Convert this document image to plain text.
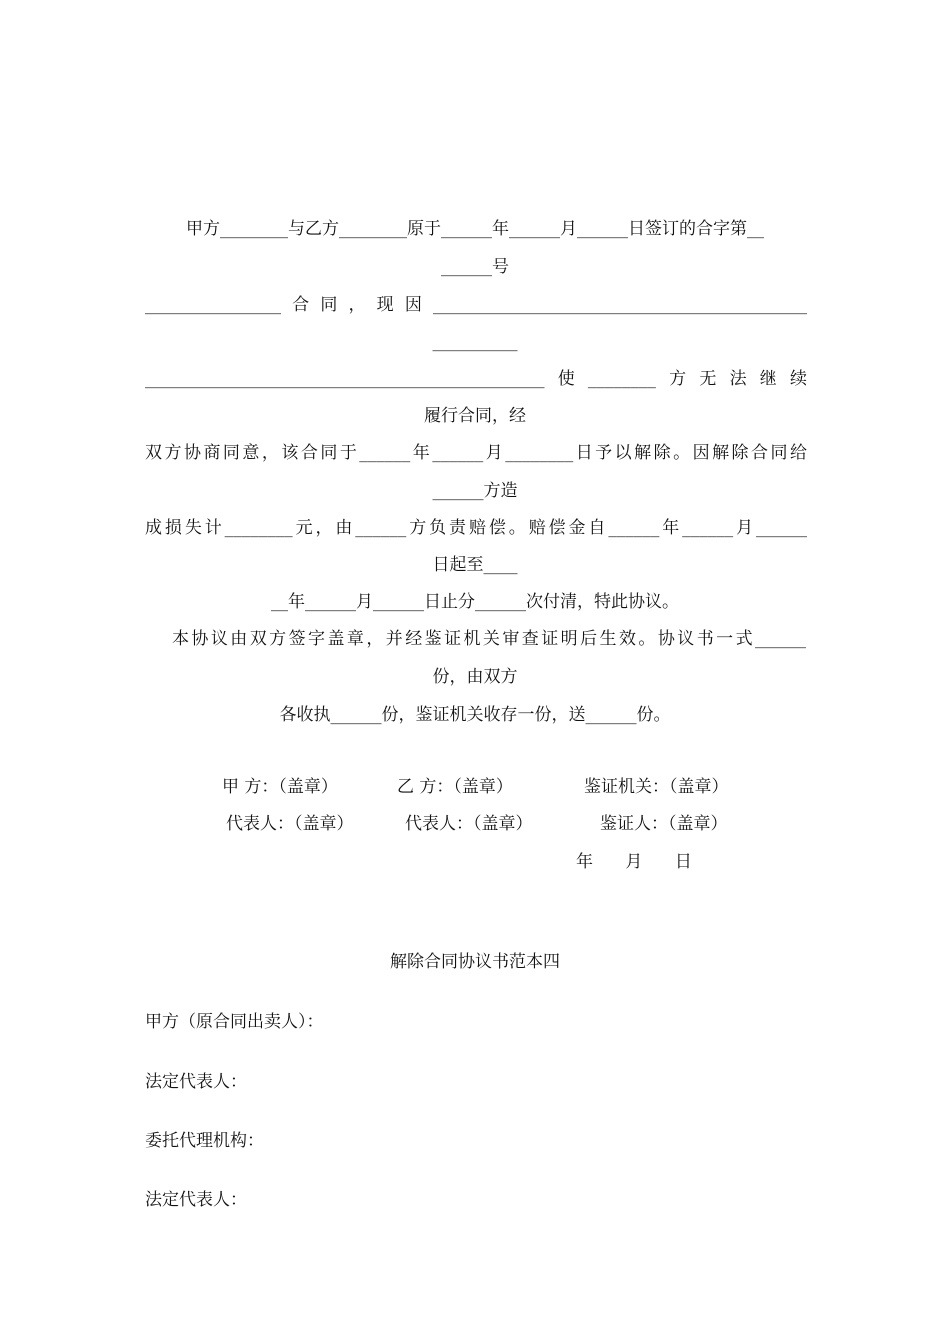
甲方________与乙方________原于______年______月______日签订的合字第__
______号
________________合同，现因____________________________________________
__________
_______________________________________________使________方无法继续
履行合同，经
双方协商同意，该合同于______年______月________日予以解除。因解除合同给
______方造
成损失计________元，由______方负责赔偿。赔偿金自______年______月______
日起至____
__年______月______日止分______次付清，特此协议。
本协议由双方签字盖章，并经鉴证机关审查证明后生效。协议书一式______
份，由双方
各收执______份，鉴证机关收存一份，送______份。
甲 方：（盖章）	乙 方：（盖章）	鉴证机关：（盖章）
代表人：（盖章）	代表人：（盖章）	鉴证人：（盖章）
年      月      日
解除合同协议书范本四
甲方（原合同出卖人）：
法定代表人：
委托代理机构：
法定代表人：
